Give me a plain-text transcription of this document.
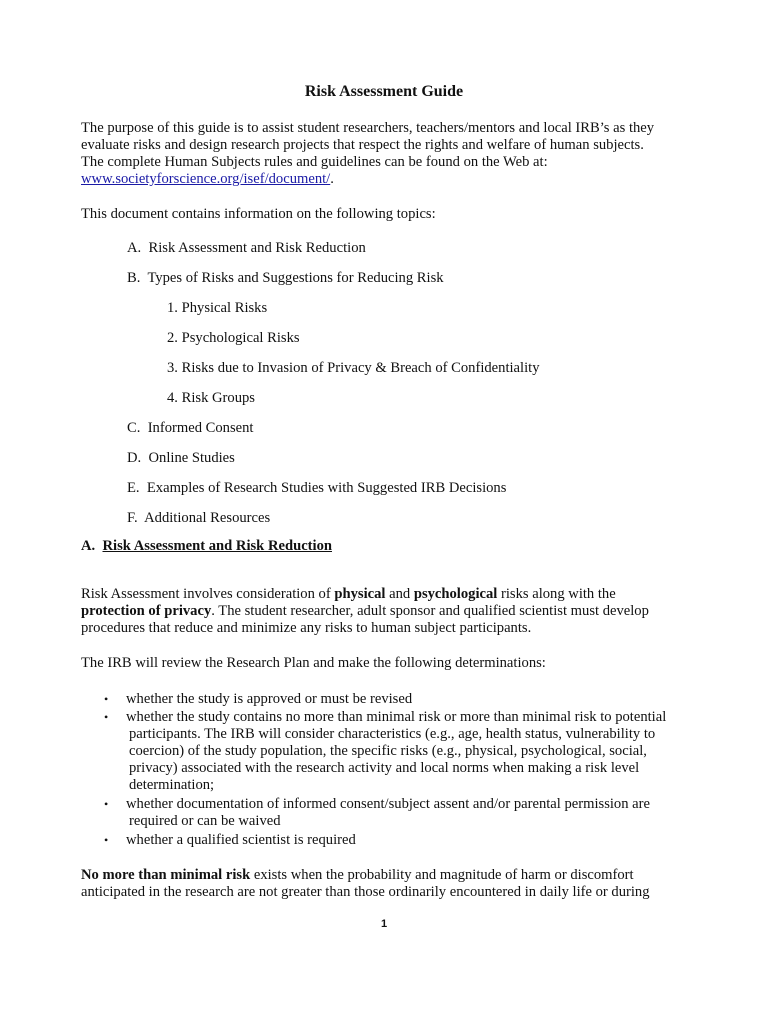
Risk Assessment Guide
The purpose of this guide is to assist student researchers, teachers/mentors and local IRB’s as they
evaluate risks and design research projects that respect the rights and welfare of human subjects.
The complete Human Subjects rules and guidelines can be found on the Web at:
www.societyforscience.org/isef/document/.
This document contains information on the following topics:
A. Risk Assessment and Risk Reduction
B. Types of Risks and Suggestions for Reducing Risk
1. Physical Risks
2. Psychological Risks
3. Risks due to Invasion of Privacy & Breach of Confidentiality
4. Risk Groups
C. Informed Consent
D. Online Studies
E. Examples of Research Studies with Suggested IRB Decisions
F. Additional Resources
A. Risk Assessment and Risk Reduction
Risk Assessment involves consideration of physical and psychological risks along with the
protection of privacy. The student researcher, adult sponsor and qualified scientist must develop
procedures that reduce and minimize any risks to human subject participants.
The IRB will review the Research Plan and make the following determinations:
• whether the study is approved or must be revised
• whether the study contains no more than minimal risk or more than minimal risk to potential
participants. The IRB will consider characteristics (e.g., age, health status, vulnerability to
coercion) of the study population, the specific risks (e.g., physical, psychological, social,
privacy) associated with the research activity and local norms when making a risk level
determination;
• whether documentation of informed consent/subject assent and/or parental permission are
required or can be waived
• whether a qualified scientist is required
No more than minimal risk exists when the probability and magnitude of harm or discomfort
anticipated in the research are not greater than those ordinarily encountered in daily life or during
1
